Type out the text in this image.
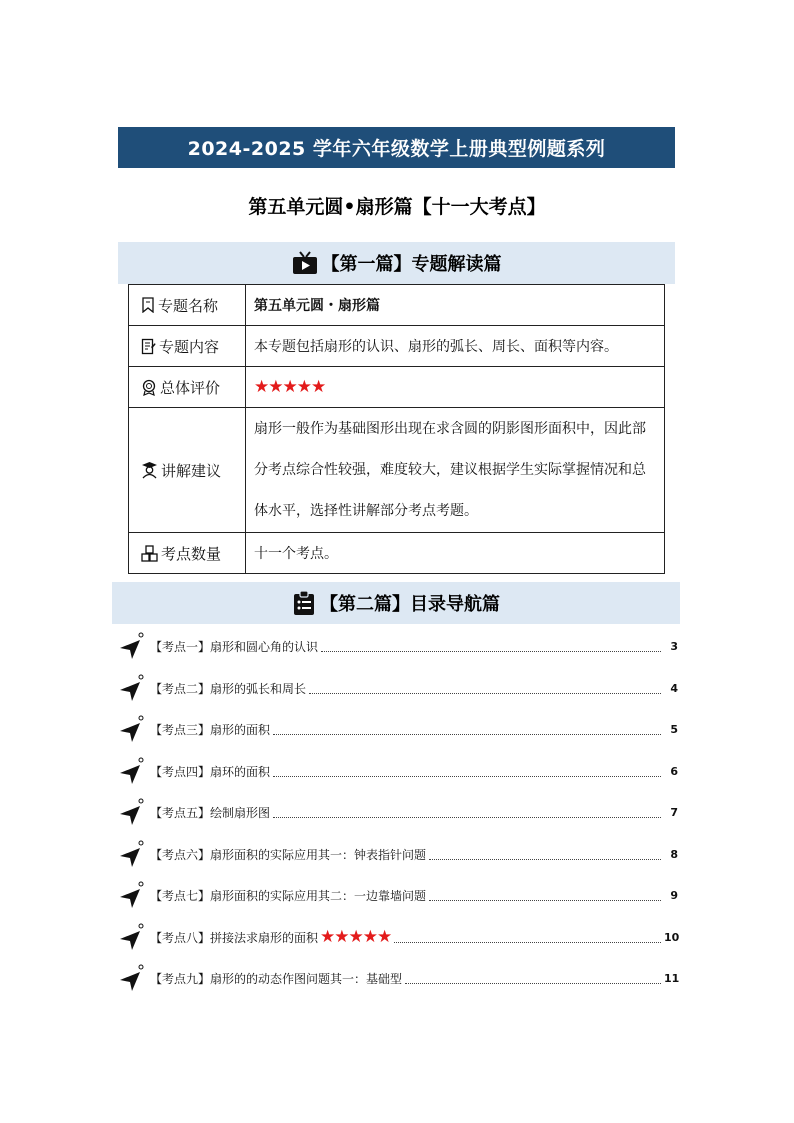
2024-2025 学年六年级数学上册典型例题系列
第五单元圆•扇形篇【十一大考点】
【第一篇】专题解读篇
专题名称	第五单元圆・扇形篇

专题内容	本专题包括扇形的认识、扇形的弧长、周长、面积等内容。

总体评价	★★★★★

讲解建议	扇形一般作为基础图形出现在求含圆的阴影图形面积中，因此部分考点综合性较强，难度较大，建议根据学生实际掌握情况和总体水平，选择性讲解部分考点考题。

考点数量	十一个考点。
【第二篇】目录导航篇
【考点一】扇形和圆心角的认识	3
【考点二】扇形的弧长和周长	4
【考点三】扇形的面积	5
【考点四】扇环的面积	6
【考点五】绘制扇形图	7
【考点六】扇形面积的实际应用其一：钟表指针问题	8
【考点七】扇形面积的实际应用其二：一边靠墙问题	9
【考点八】拼接法求扇形的面积 ★★★★★	10
【考点九】扇形的的动态作图问题其一：基础型	11
